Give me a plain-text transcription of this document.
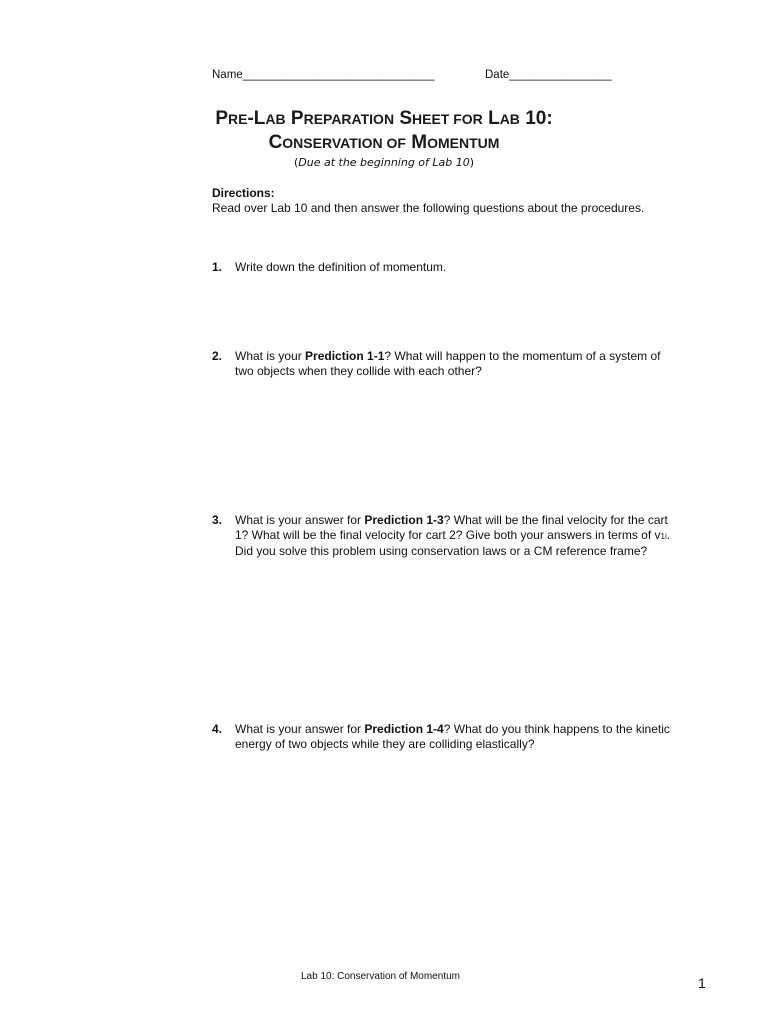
Name______________________________	Date________________
PRE-LAB PREPARATION SHEET FOR LAB 10:
CONSERVATION OF MOMENTUM
(Due at the beginning of Lab 10)
Directions:
Read over Lab 10 and then answer the following questions about the procedures.
1. Write down the definition of momentum.
2. What is your Prediction 1-1? What will happen to the momentum of a system of two objects when they collide with each other?
3. What is your answer for Prediction 1-3? What will be the final velocity for the cart 1? What will be the final velocity for cart 2? Give both your answers in terms of v1i. Did you solve this problem using conservation laws or a CM reference frame?
4. What is your answer for Prediction 1-4? What do you think happens to the kinetic energy of two objects while they are colliding elastically?
Lab 10: Conservation of Momentum	1
